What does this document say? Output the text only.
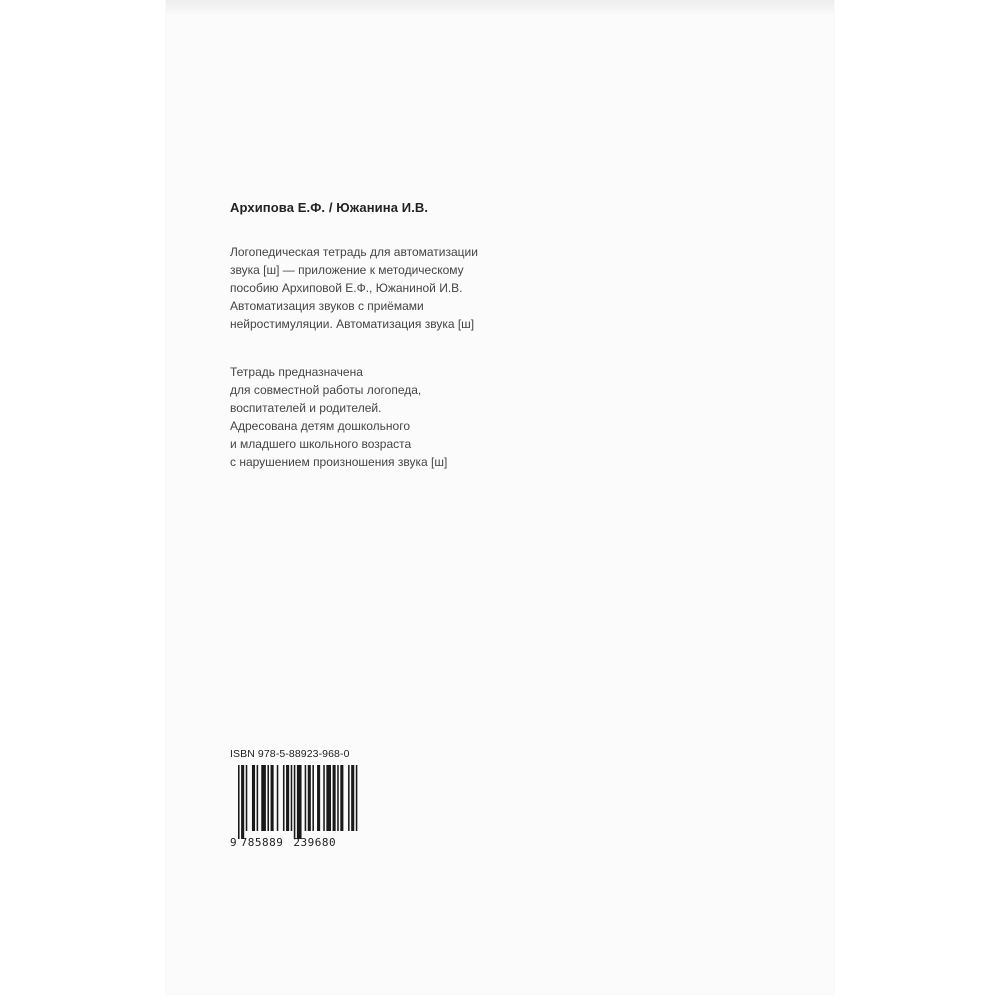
Архипова Е.Ф. / Южанина И.В.
Логопедическая тетрадь для автоматизации
звука [ш] — приложение к методическому
пособию Архиповой Е.Ф., Южаниной И.В.
Автоматизация звуков с приёмами
нейростимуляции. Автоматизация звука [ш]
Тетрадь предназначена
для совместной работы логопеда,
воспитателей и родителей.
Адресована детям дошкольного
и младшего школьного возраста
с нарушением произношения звука [ш]
ISBN 978-5-88923-968-0
9 785889 239680
